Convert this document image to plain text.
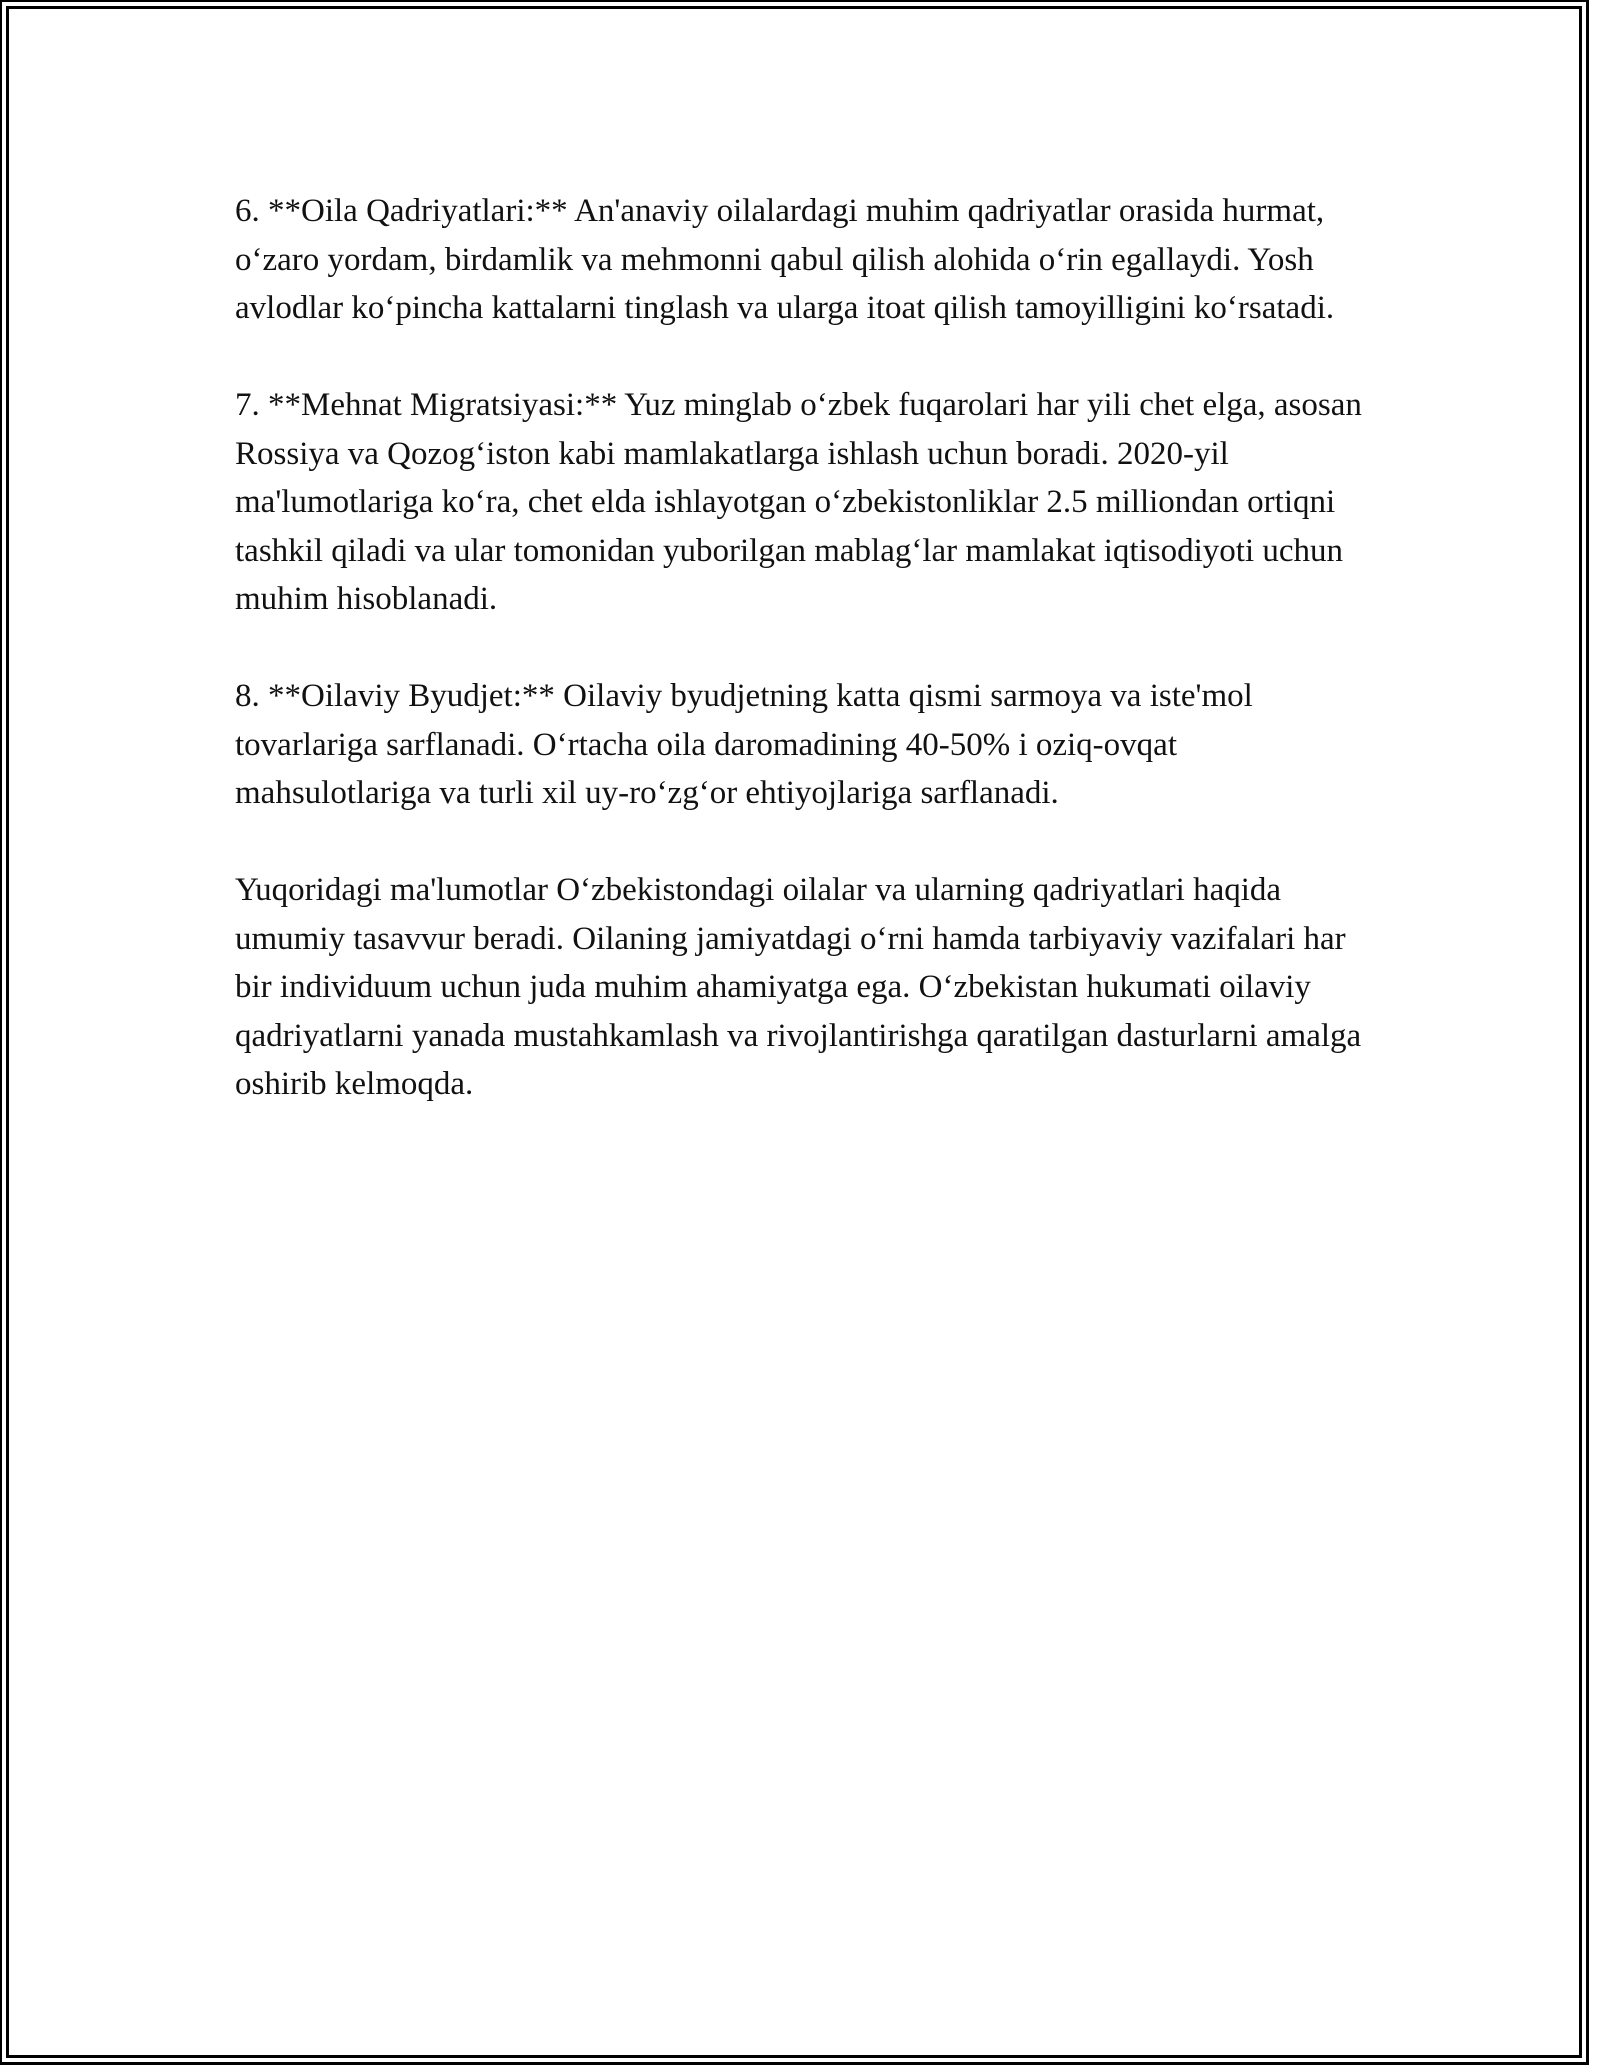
6. **Oila Qadriyatlari:** An'anaviy oilalardagi muhim qadriyatlar orasida hurmat, o‘zaro yordam, birdamlik va mehmonni qabul qilish alohida o‘rin egallaydi. Yosh avlodlar ko‘pincha kattalarni tinglash va ularga itoat qilish tamoyilligini ko‘rsatadi.

7. **Mehnat Migratsiyasi:** Yuz minglab o‘zbek fuqarolari har yili chet elga, asosan Rossiya va Qozog‘iston kabi mamlakatlarga ishlash uchun boradi. 2020-yil ma'lumotlariga ko‘ra, chet elda ishlayotgan o‘zbekistonliklar 2.5 milliondan ortiqni tashkil qiladi va ular tomonidan yuborilgan mablag‘lar mamlakat iqtisodiyoti uchun muhim hisoblanadi.

8. **Oilaviy Byudjet:** Oilaviy byudjetning katta qismi sarmoya va iste'mol tovarlariga sarflanadi. O‘rtacha oila daromadining 40-50% i oziq-ovqat mahsulotlariga va turli xil uy-ro‘zg‘or ehtiyojlariga sarflanadi.

Yuqoridagi ma'lumotlar O‘zbekistondagi oilalar va ularning qadriyatlari haqida umumiy tasavvur beradi. Oilaning jamiyatdagi o‘rni hamda tarbiyaviy vazifalari har bir individuum uchun juda muhim ahamiyatga ega. O‘zbekistan hukumati oilaviy qadriyatlarni yanada mustahkamlash va rivojlantirishga qaratilgan dasturlarni amalga oshirib kelmoqda.
